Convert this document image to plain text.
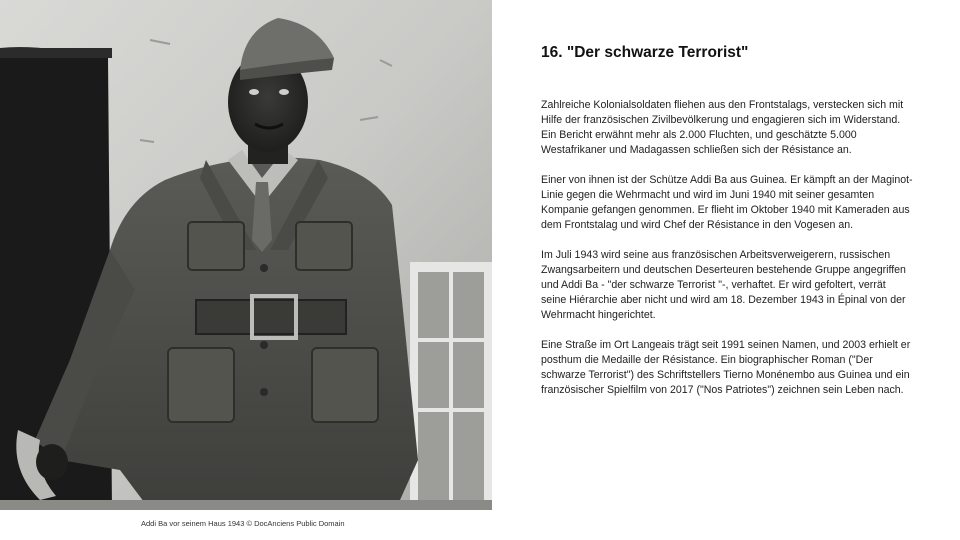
Addi Ba vor seinem Haus 1943 © DocAnciens Public Domain
16. "Der schwarze Terrorist"

Zahlreiche Kolonialsoldaten fliehen aus den Frontstalags, verstecken sich mit Hilfe der französischen Zivilbevölkerung und engagieren sich im Widerstand. Ein Bericht erwähnt mehr als 2.000 Fluchten, und geschätzte 5.000 Westafrikaner und Madagassen schließen sich der Résistance an.

Einer von ihnen ist der Schütze Addi Ba aus Guinea. Er kämpft an der Maginot-Linie gegen die Wehrmacht und wird im Juni 1940 mit seiner gesamten Kompanie gefangen genommen. Er flieht im Oktober 1940 mit Kameraden aus dem Frontstalag und wird Chef der Résistance in den Vogesen an.

Im Juli 1943 wird seine aus französischen Arbeitsverweigerern, russischen Zwangsarbeitern und deutschen Deserteuren bestehende Gruppe angegriffen und Addi Ba - "der schwarze Terrorist "-, verhaftet. Er wird gefoltert, verrät seine Hiérarchie aber nicht und wird am 18. Dezember 1943 in Épinal von der Wehrmacht hingerichtet.

Eine Straße im Ort Langeais trägt seit 1991 seinen Namen, und 2003 erhielt er posthum die Medaille der Résistance. Ein biographischer Roman ("Der schwarze Terrorist") des Schriftstellers Tierno Monénembo aus Guinea und ein französischer Spielfilm von 2017 ("Nos Patriotes") zeichnen sein Leben nach.
